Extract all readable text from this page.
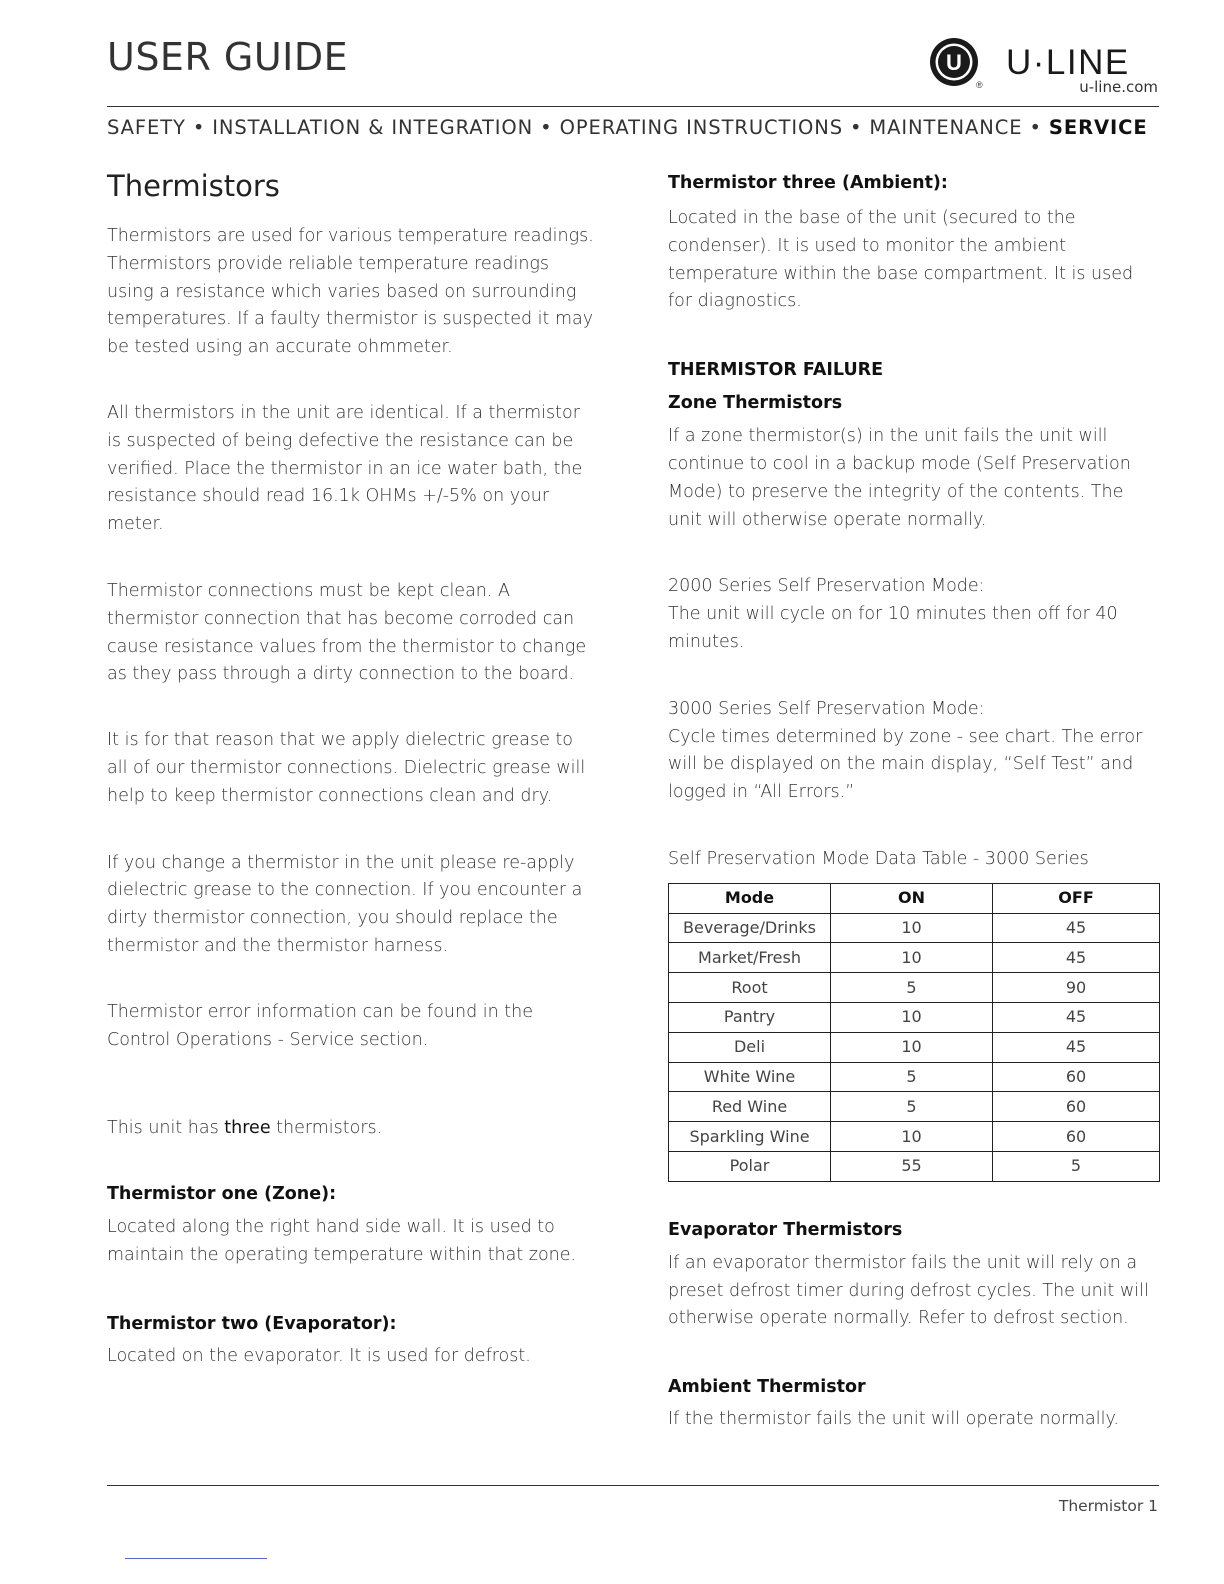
USER GUIDE	U
®
U·LINE
u-line.com
SAFETY • INSTALLATION & INTEGRATION • OPERATING INSTRUCTIONS • MAINTENANCE • SERVICE
Thermistors

Thermistors are used for various temperature readings. Thermistors provide reliable temperature readings using a resistance which varies based on surrounding temperatures. If a faulty thermistor is suspected it may be tested using an accurate ohmmeter.

All thermistors in the unit are identical. If a thermistor is suspected of being defective the resistance can be verified. Place the thermistor in an ice water bath, the resistance should read 16.1k OHMs +/-5% on your meter.

Thermistor connections must be kept clean. A thermistor connection that has become corroded can cause resistance values from the thermistor to change as they pass through a dirty connection to the board.

It is for that reason that we apply dielectric grease to all of our thermistor connections. Dielectric grease will help to keep thermistor connections clean and dry.

If you change a thermistor in the unit please re-apply dielectric grease to the connection. If you encounter a dirty thermistor connection, you should replace the thermistor and the thermistor harness.

Thermistor error information can be found in the Control Operations - Service section.

This unit has three thermistors.

Thermistor one (Zone):

Located along the right hand side wall. It is used to maintain the operating temperature within that zone.

Thermistor two (Evaporator):

Located on the evaporator. It is used for defrost.

Thermistor three (Ambient):

Located in the base of the unit (secured to the condenser). It is used to monitor the ambient temperature within the base compartment. It is used for diagnostics.

THERMISTOR FAILURE
Zone Thermistors

If a zone thermistor(s) in the unit fails the unit will continue to cool in a backup mode (Self Preservation Mode) to preserve the integrity of the contents. The unit will otherwise operate normally.

2000 Series Self Preservation Mode:

The unit will cycle on for 10 minutes then off for 40 minutes.

3000 Series Self Preservation Mode:

Cycle times determined by zone - see chart. The error will be displayed on the main display, “Self Test” and logged in “All Errors.”

Self Preservation Mode Data Table - 3000 Series

Mode	ON	OFF
Beverage/Drinks	10	45
Market/Fresh	10	45
Root	5	90
Pantry	10	45
Deli	10	45
White Wine	5	60
Red Wine	5	60
Sparkling Wine	10	60
Polar	55	5
Evaporator Thermistors

If an evaporator thermistor fails the unit will rely on a preset defrost timer during defrost cycles. The unit will otherwise operate normally. Refer to defrost section.

Ambient Thermistor

If the thermistor fails the unit will operate normally.

Thermistor 1
